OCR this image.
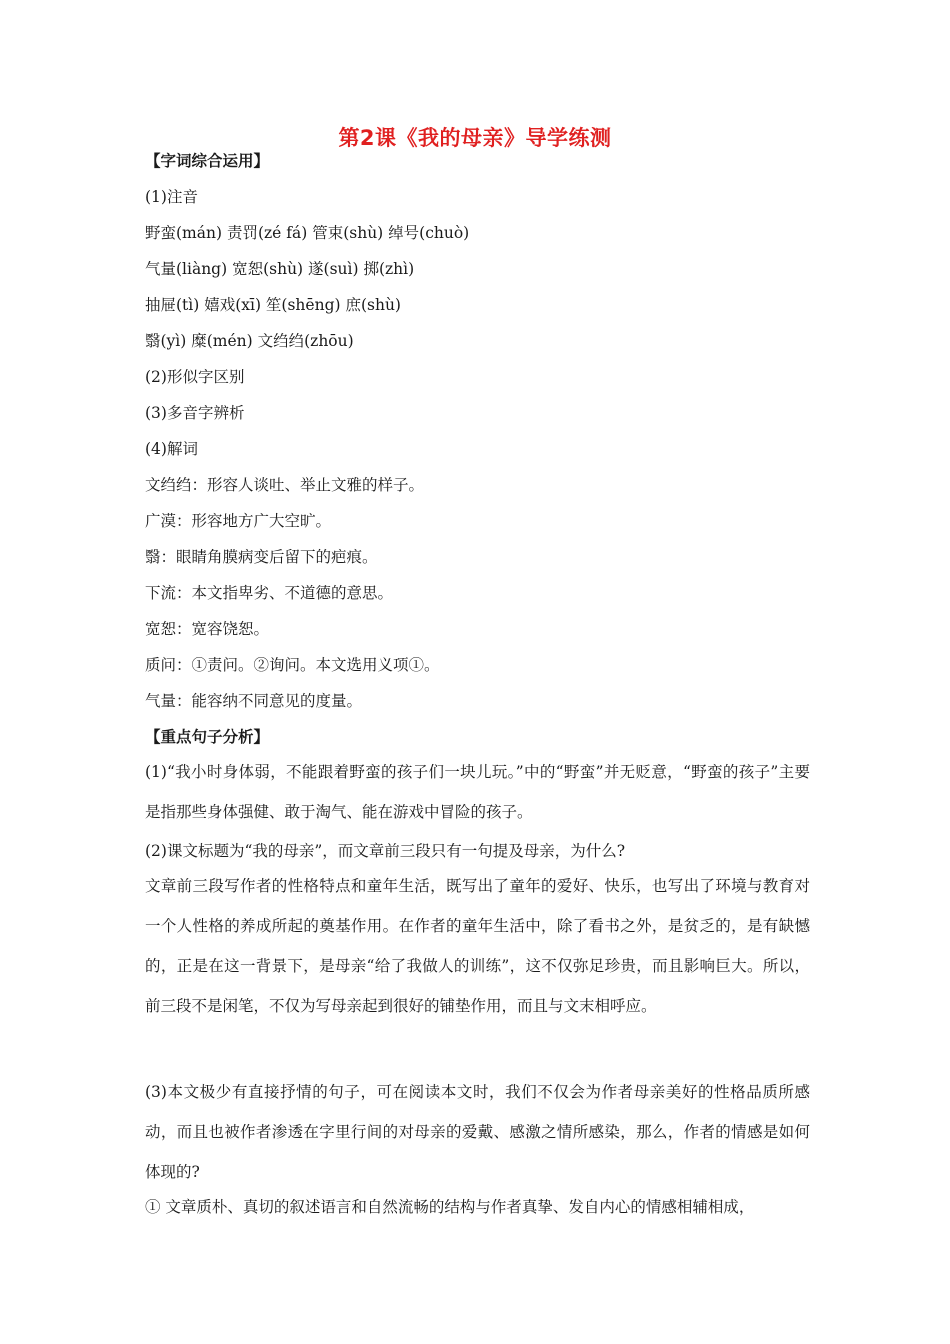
第2课《我的母亲》导学练测
【字词综合运用】
(1)注音
野蛮(mán) 责罚(zé fá) 管束(shù) 绰号(chuò)
气量(liàng) 宽恕(shù) 遂(suì) 掷(zhì)
抽屉(tì) 嬉戏(xī) 笙(shēng) 庶(shù)
翳(yì) 糜(mén) 文绉绉(zhōu)
(2)形似字区别
(3)多音字辨析
(4)解词
文绉绉：形容人谈吐、举止文雅的样子。
广漠：形容地方广大空旷。
翳：眼睛角膜病变后留下的疤痕。
下流：本文指卑劣、不道德的意思。
宽恕：宽容饶恕。
质问：①责问。②询问。本文选用义项①。
气量：能容纳不同意见的度量。
【重点句子分析】
(1)“我小时身体弱，不能跟着野蛮的孩子们一块儿玩。”中的“野蛮”并无贬意，“野蛮的孩子”主要是指那些身体强健、敢于淘气、能在游戏中冒险的孩子。
(2)课文标题为“我的母亲”，而文章前三段只有一句提及母亲，为什么?
文章前三段写作者的性格特点和童年生活，既写出了童年的爱好、快乐，也写出了环境与教育对一个人性格的养成所起的奠基作用。在作者的童年生活中，除了看书之外，是贫乏的，是有缺憾的，正是在这一背景下，是母亲“给了我做人的训练”，这不仅弥足珍贵，而且影响巨大。所以，前三段不是闲笔，不仅为写母亲起到很好的铺垫作用，而且与文末相呼应。
(3)本文极少有直接抒情的句子，可在阅读本文时，我们不仅会为作者母亲美好的性格品质所感动，而且也被作者渗透在字里行间的对母亲的爱戴、感激之情所感染，那么，作者的情感是如何体现的?
① 文章质朴、真切的叙述语言和自然流畅的结构与作者真挚、发自内心的情感相辅相成，
